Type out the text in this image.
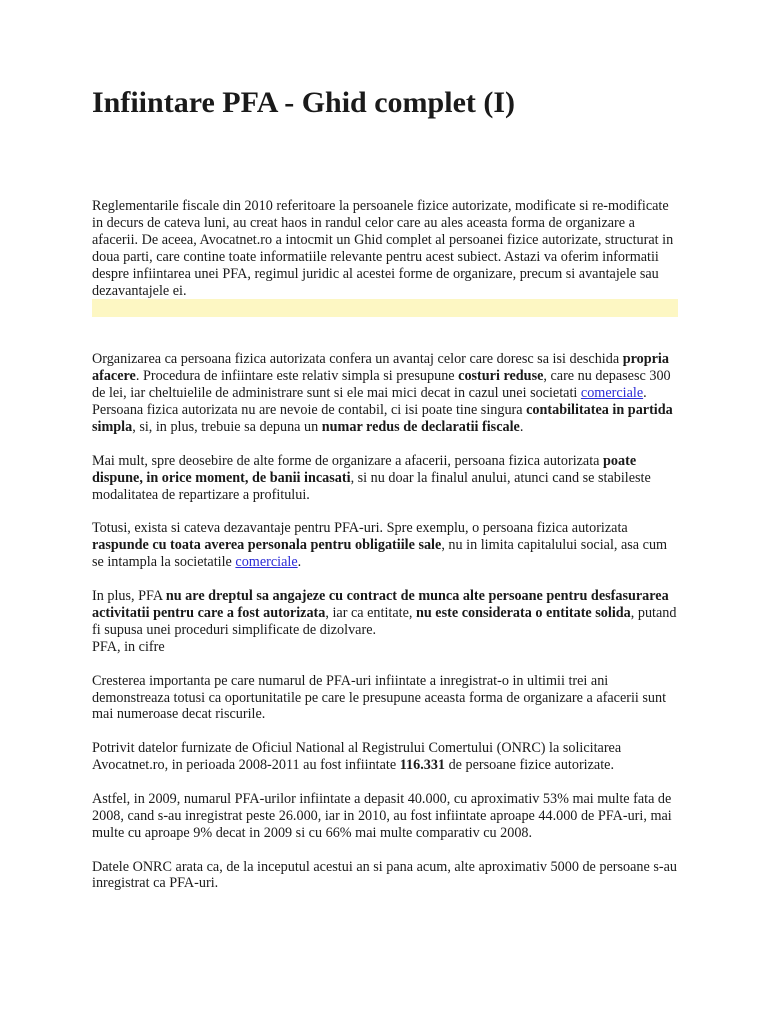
Infiintare PFA - Ghid complet (I)

Reglementarile fiscale din 2010 referitoare la persoanele fizice autorizate, modificate si re-modificate in decurs de cateva luni, au creat haos in randul celor care au ales aceasta forma de organizare a afacerii. De aceea, Avocatnet.ro a intocmit un Ghid complet al persoanei fizice autorizate, structurat in doua parti, care contine toate informatiile relevante pentru acest subiect. Astazi va oferim informatii despre infiintarea unei PFA, regimul juridic al acestei forme de organizare, precum si avantajele sau dezavantajele ei.

Organizarea ca persoana fizica autorizata confera un avantaj celor care doresc sa isi deschida propria afacere. Procedura de infiintare este relativ simpla si presupune costuri reduse, care nu depasesc 300 de lei, iar cheltuielile de administrare sunt si ele mai mici decat in cazul unei societati comerciale. Persoana fizica autorizata nu are nevoie de contabil, ci isi poate tine singura contabilitatea in partida simpla, si, in plus, trebuie sa depuna un numar redus de declaratii fiscale.

Mai mult, spre deosebire de alte forme de organizare a afacerii, persoana fizica autorizata poate dispune, in orice moment, de banii incasati, si nu doar la finalul anului, atunci cand se stabileste modalitatea de repartizare a profitului.

Totusi, exista si cateva dezavantaje pentru PFA-uri. Spre exemplu, o persoana fizica autorizata raspunde cu toata averea personala pentru obligatiile sale, nu in limita capitalului social, asa cum se intampla la societatile comerciale.

In plus, PFA nu are dreptul sa angajeze cu contract de munca alte persoane pentru desfasurarea activitatii pentru care a fost autorizata, iar ca entitate, nu este considerata o entitate solida, putand fi supusa unei proceduri simplificate de dizolvare.

PFA, in cifre

Cresterea importanta pe care numarul de PFA-uri infiintate a inregistrat-o in ultimii trei ani demonstreaza totusi ca oportunitatile pe care le presupune aceasta forma de organizare a afacerii sunt mai numeroase decat riscurile.

Potrivit datelor furnizate de Oficiul National al Registrului Comertului (ONRC) la solicitarea Avocatnet.ro, in perioada 2008-2011 au fost infiintate 116.331 de persoane fizice autorizate.

Astfel, in 2009, numarul PFA-urilor infiintate a depasit 40.000, cu aproximativ 53% mai multe fata de 2008, cand s-au inregistrat peste 26.000, iar in 2010, au fost infiintate aproape 44.000 de PFA-uri, mai multe cu aproape 9% decat in 2009 si cu 66% mai multe comparativ cu 2008.

Datele ONRC arata ca, de la inceputul acestui an si pana acum, alte aproximativ 5000 de persoane s-au inregistrat ca PFA-uri.
